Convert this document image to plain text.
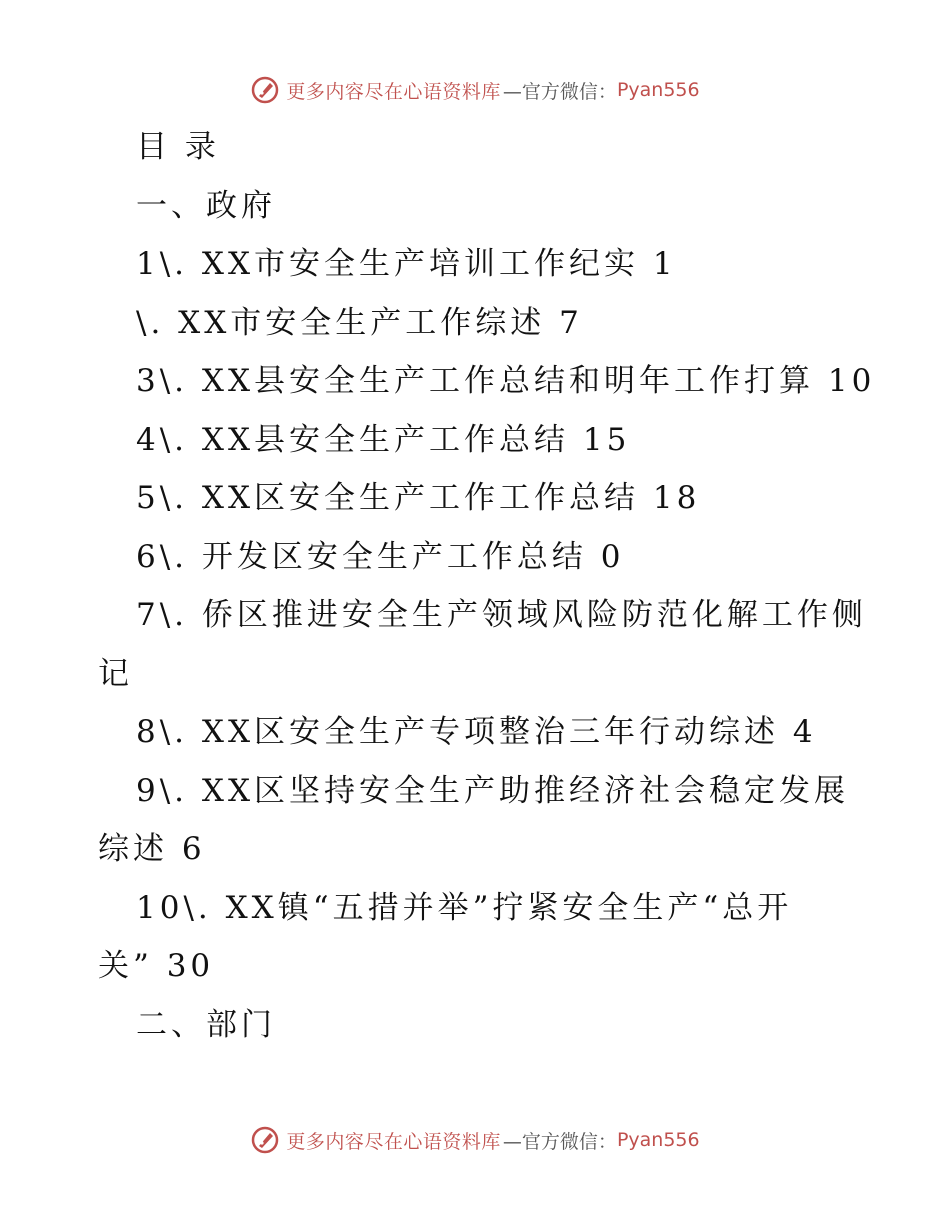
更多内容尽在心语资料库 —官方微信： Pyan556
目 录
一、政府
1\. XX市安全生产培训工作纪实 1
\. XX市安全生产工作综述 7
3\. XX县安全生产工作总结和明年工作打算 10
4\. XX县安全生产工作总结 15
5\. XX区安全生产工作工作总结 18
6\. 开发区安全生产工作总结 0
7\. 侨区推进安全生产领域风险防范化解工作侧
记
8\. XX区安全生产专项整治三年行动综述 4
9\. XX区坚持安全生产助推经济社会稳定发展
综述 6
10\. XX镇“五措并举”拧紧安全生产“总开
关” 30
二、部门
更多内容尽在心语资料库 —官方微信： Pyan556
